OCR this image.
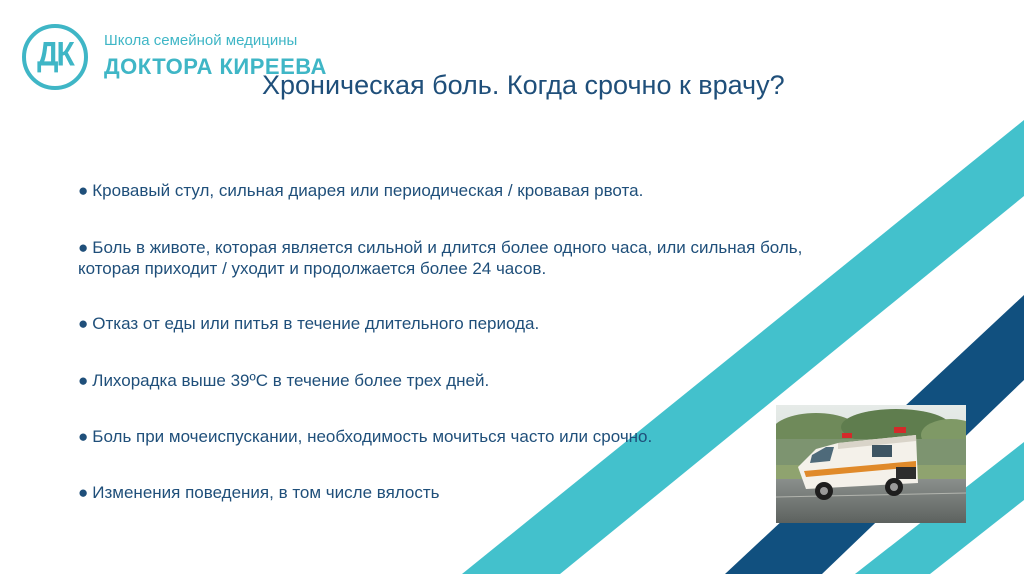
ДК	Школа семейной медицины
ДОКТОРА КИРЕЕВА
Хроническая боль. Когда срочно к врачу?
● Кровавый стул, сильная диарея или периодическая / кровавая рвота.
● Боль в животе, которая является сильной и длится более одного часа, или сильная боль, которая приходит / уходит и продолжается более 24 часов.
● Отказ от еды или питья в течение длительного периода.
● Лихорадка выше 39ºС в течение более трех дней.
● Боль при мочеиспускании, необходимость мочиться часто или срочно.
● Изменения поведения, в том числе вялость
